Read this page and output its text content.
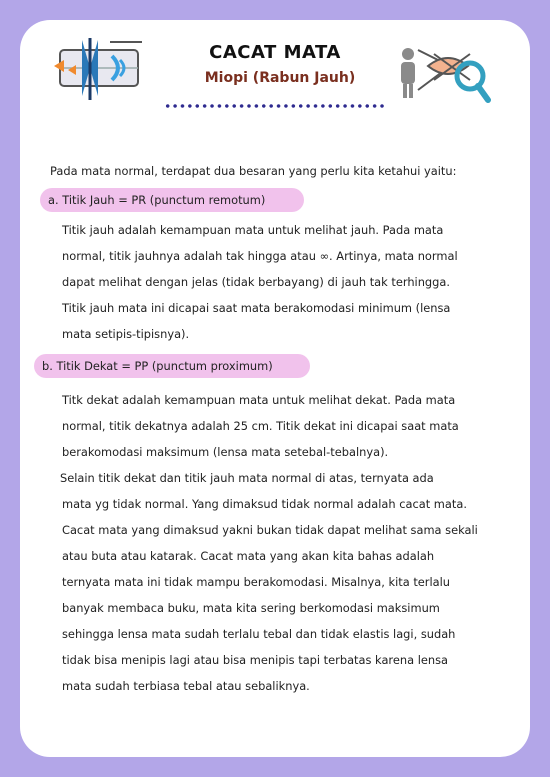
CACAT MATA
Miopi (Rabun Jauh)
Pada mata normal, terdapat dua besaran yang perlu kita ketahui yaitu:
a. Titik Jauh = PR (punctum remotum)
Titik jauh adalah kemampuan mata untuk melihat jauh. Pada mata
normal, titik jauhnya adalah tak hingga atau ∞. Artinya, mata normal
dapat melihat dengan jelas (tidak berbayang) di jauh tak terhingga.
Titik jauh mata ini dicapai saat mata berakomodasi minimum (lensa
mata setipis-tipisnya).
b. Titik Dekat = PP (punctum proximum)
Titk dekat adalah kemampuan mata untuk melihat dekat. Pada mata
normal, titik dekatnya adalah 25 cm. Titik dekat ini dicapai saat mata
berakomodasi maksimum (lensa mata setebal-tebalnya).
Selain titik dekat dan titik jauh mata normal di atas, ternyata ada
mata yg tidak normal. Yang dimaksud tidak normal adalah cacat mata.
Cacat mata yang dimaksud yakni bukan tidak dapat melihat sama sekali
atau buta atau katarak. Cacat mata yang akan kita bahas adalah
ternyata mata ini tidak mampu berakomodasi. Misalnya, kita terlalu
banyak membaca buku, mata kita sering berkomodasi maksimum
sehingga lensa mata sudah terlalu tebal dan tidak elastis lagi, sudah
tidak bisa menipis lagi atau bisa menipis tapi terbatas karena lensa
mata sudah terbiasa tebal atau sebaliknya.
